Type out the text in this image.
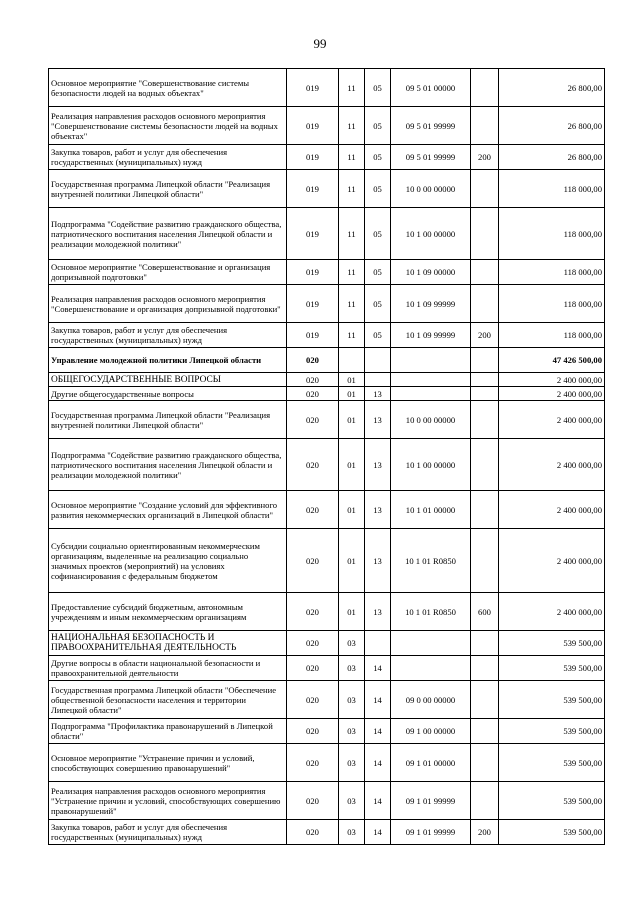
99
Основное мероприятие "Совершенствование системы безопасности людей на водных объектах"	019	11	05	09 5 01 00000		26 800,00
Реализация направления расходов основного мероприятия "Совершенствование системы безопасности людей на водных объектах"	019	11	05	09 5 01 99999		26 800,00
Закупка товаров, работ и услуг для обеспечения государственных (муниципальных) нужд	019	11	05	09 5 01 99999	200	26 800,00
Государственная программа Липецкой области "Реализация внутренней политики Липецкой области"	019	11	05	10 0 00 00000		118 000,00
Подпрограмма "Содействие развитию гражданского общества, патриотического воспитания населения Липецкой области и реализации молодежной политики"	019	11	05	10 1 00 00000		118 000,00
Основное мероприятие "Совершенствование и организация допризывной подготовки"	019	11	05	10 1 09 00000		118 000,00
Реализация направления расходов основного мероприятия "Совершенствование и организация допризывной подготовки"	019	11	05	10 1 09 99999		118 000,00
Закупка товаров, работ и услуг для обеспечения государственных (муниципальных) нужд	019	11	05	10 1 09 99999	200	118 000,00
Управление молодежной политики Липецкой области	020					47 426 500,00
ОБЩЕГОСУДАРСТВЕННЫЕ ВОПРОСЫ	020	01				2 400 000,00
Другие общегосударственные вопросы	020	01	13			2 400 000,00
Государственная программа Липецкой области "Реализация внутренней политики Липецкой области"	020	01	13	10 0 00 00000		2 400 000,00
Подпрограмма "Содействие развитию гражданского общества, патриотического воспитания населения Липецкой области и реализации молодежной политики"	020	01	13	10 1 00 00000		2 400 000,00
Основное мероприятие "Создание условий для эффективного развития некоммерческих организаций в Липецкой области"	020	01	13	10 1 01 00000		2 400 000,00
Субсидии социально ориентированным некоммерческим организациям, выделенные на реализацию социально значимых проектов (мероприятий) на условиях софинансирования с федеральным бюджетом	020	01	13	10 1 01 R0850		2 400 000,00
Предоставление субсидий бюджетным, автономным учреждениям и иным некоммерческим организациям	020	01	13	10 1 01 R0850	600	2 400 000,00
НАЦИОНАЛЬНАЯ БЕЗОПАСНОСТЬ И ПРАВООХРАНИТЕЛЬНАЯ ДЕЯТЕЛЬНОСТЬ	020	03				539 500,00
Другие вопросы в области национальной безопасности и правоохранительной деятельности	020	03	14			539 500,00
Государственная программа Липецкой области "Обеспечение общественной безопасности населения и территории Липецкой области"	020	03	14	09 0 00 00000		539 500,00
Подпрограмма "Профилактика правонарушений в Липецкой области"	020	03	14	09 1 00 00000		539 500,00
Основное мероприятие "Устранение причин и условий, способствующих совершению правонарушений"	020	03	14	09 1 01 00000		539 500,00
Реализация направления расходов основного мероприятия "Устранение причин и условий, способствующих совершению правонарушений"	020	03	14	09 1 01 99999		539 500,00
Закупка товаров, работ и услуг для обеспечения государственных (муниципальных) нужд	020	03	14	09 1 01 99999	200	539 500,00
